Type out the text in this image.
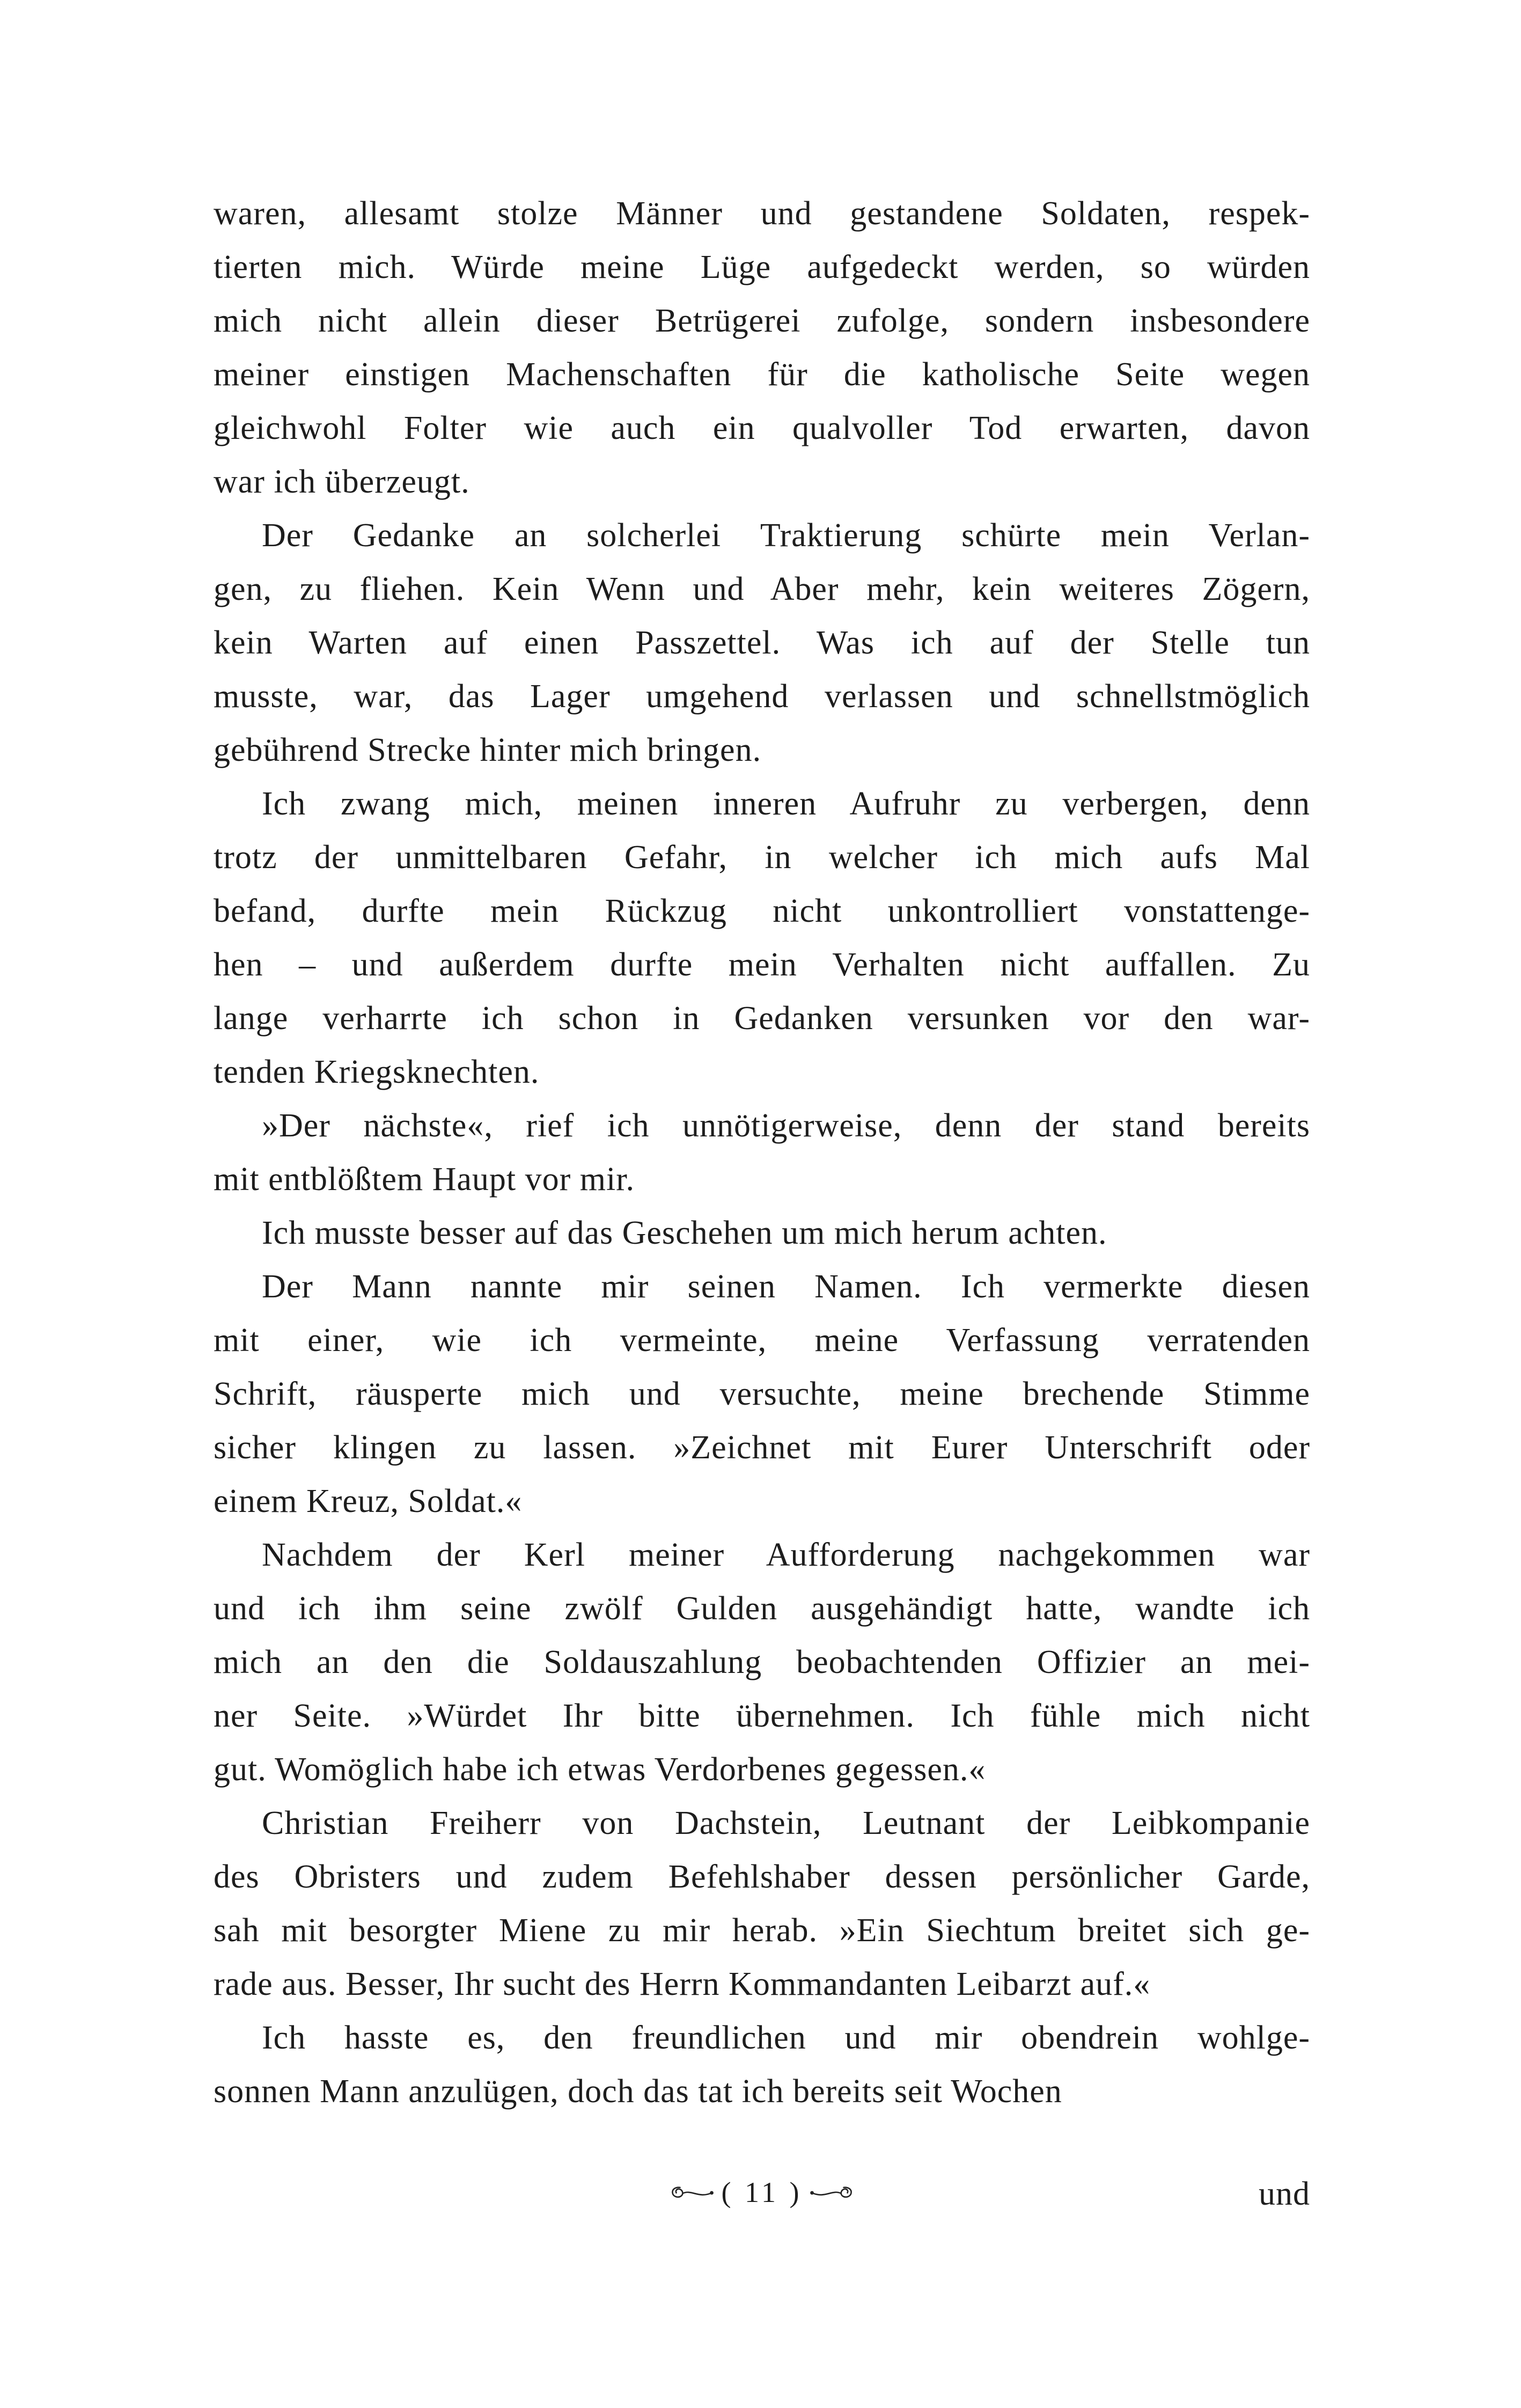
waren, allesamt stolze Männer und gestandene Soldaten, respek-
tierten mich. Würde meine Lüge aufgedeckt werden, so würden
mich nicht allein dieser Betrügerei zufolge, sondern insbesondere
meiner einstigen Machenschaften für die katholische Seite wegen
gleichwohl Folter wie auch ein qualvoller Tod erwarten, davon
war ich überzeugt.
Der Gedanke an solcherlei Traktierung schürte mein Verlan-
gen, zu fliehen. Kein Wenn und Aber mehr, kein weiteres Zögern,
kein Warten auf einen Passzettel. Was ich auf der Stelle tun
musste, war, das Lager umgehend verlassen und schnellstmöglich
gebührend Strecke hinter mich bringen.
Ich zwang mich, meinen inneren Aufruhr zu verbergen, denn
trotz der unmittelbaren Gefahr, in welcher ich mich aufs Mal
befand, durfte mein Rückzug nicht unkontrolliert vonstattenge-
hen – und außerdem durfte mein Verhalten nicht auffallen. Zu
lange verharrte ich schon in Gedanken versunken vor den war-
tenden Kriegsknechten.
»Der nächste«, rief ich unnötigerweise, denn der stand bereits
mit entblößtem Haupt vor mir.
Ich musste besser auf das Geschehen um mich herum achten.
Der Mann nannte mir seinen Namen. Ich vermerkte diesen
mit einer, wie ich vermeinte, meine Verfassung verratenden
Schrift, räusperte mich und versuchte, meine brechende Stimme
sicher klingen zu lassen. »Zeichnet mit Eurer Unterschrift oder
einem Kreuz, Soldat.«
Nachdem der Kerl meiner Aufforderung nachgekommen war
und ich ihm seine zwölf Gulden ausgehändigt hatte, wandte ich
mich an den die Soldauszahlung beobachtenden Offizier an mei-
ner Seite. »Würdet Ihr bitte übernehmen. Ich fühle mich nicht
gut. Womöglich habe ich etwas Verdorbenes gegessen.«
Christian Freiherr von Dachstein, Leutnant der Leibkompanie
des Obristers und zudem Befehlshaber dessen persönlicher Garde,
sah mit besorgter Miene zu mir herab. »Ein Siechtum breitet sich ge-
rade aus. Besser, Ihr sucht des Herrn Kommandanten Leibarzt auf.«
Ich hasste es, den freundlichen und mir obendrein wohlge-
sonnen Mann anzulügen, doch das tat ich bereits seit Wochen
( 11 )	und
